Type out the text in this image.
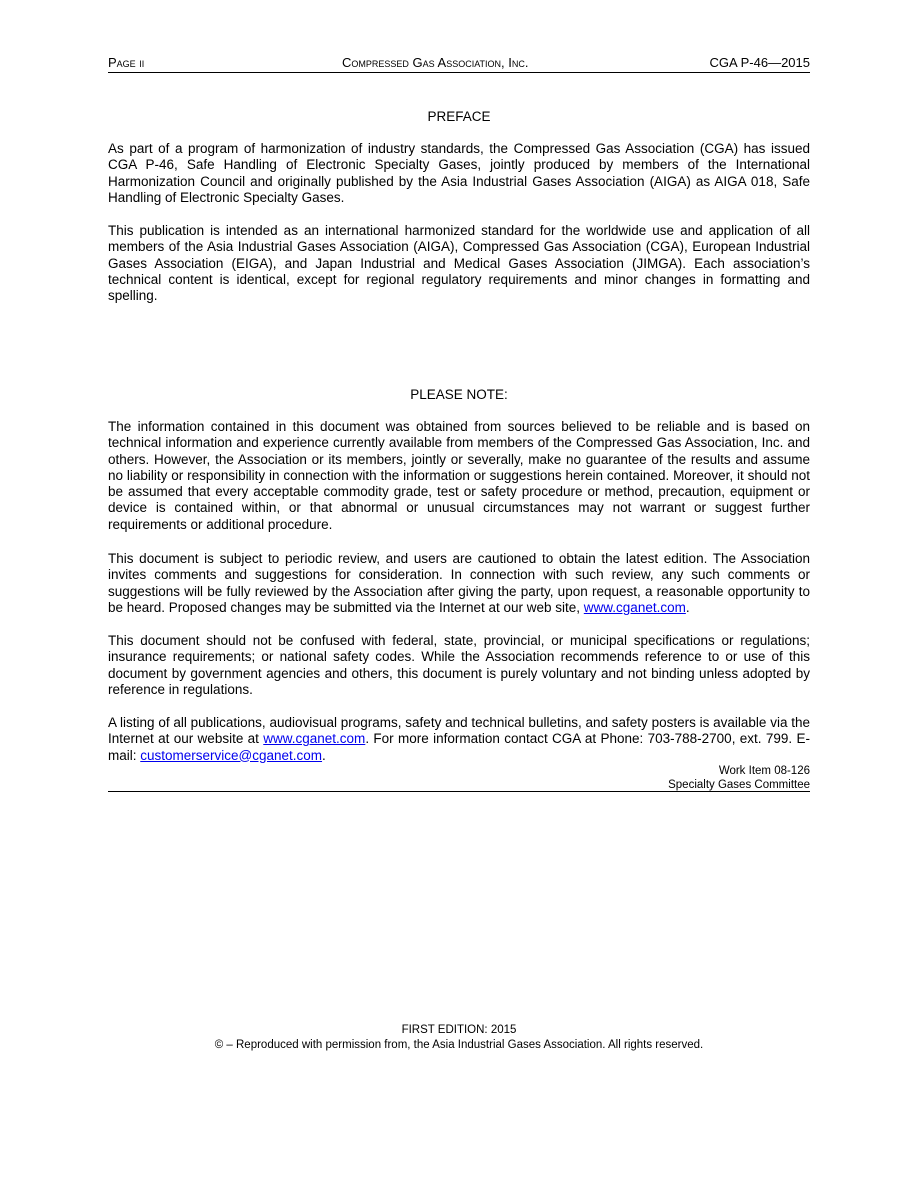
Page ii	Compressed Gas Association, Inc.	CGA P-46—2015
PREFACE

As part of a program of harmonization of industry standards, the Compressed Gas Association (CGA) has issued CGA P-46, Safe Handling of Electronic Specialty Gases, jointly produced by members of the International Harmonization Council and originally published by the Asia Industrial Gases Association (AIGA) as AIGA 018, Safe Handling of Electronic Specialty Gases.

This publication is intended as an international harmonized standard for the worldwide use and application of all members of the Asia Industrial Gases Association (AIGA), Compressed Gas Association (CGA), European Industrial Gases Association (EIGA), and Japan Industrial and Medical Gases Association (JIMGA). Each association’s technical content is identical, except for regional regulatory requirements and minor changes in formatting and spelling.

PLEASE NOTE:

The information contained in this document was obtained from sources believed to be reliable and is based on technical information and experience currently available from members of the Compressed Gas Association, Inc. and others. However, the Association or its members, jointly or severally, make no guarantee of the results and assume no liability or responsibility in connection with the information or suggestions herein contained. Moreover, it should not be assumed that every acceptable commodity grade, test or safety procedure or method, precaution, equipment or device is contained within, or that abnormal or unusual circumstances may not warrant or suggest further requirements or additional procedure.

This document is subject to periodic review, and users are cautioned to obtain the latest edition. The Association invites comments and suggestions for consideration. In connection with such review, any such comments or suggestions will be fully reviewed by the Association after giving the party, upon request, a reasonable opportunity to be heard. Proposed changes may be submitted via the Internet at our web site, www.cganet.com.

This document should not be confused with federal, state, provincial, or municipal specifications or regulations; insurance requirements; or national safety codes. While the Association recommends reference to or use of this document by government agencies and others, this document is purely voluntary and not binding unless adopted by reference in regulations.

A listing of all publications, audiovisual programs, safety and technical bulletins, and safety posters is available via the Internet at our website at www.cganet.com. For more information contact CGA at Phone: 703-788-2700, ext. 799. E-mail: customerservice@cganet.com.

Work Item 08-126
Specialty Gases Committee
FIRST EDITION: 2015
© – Reproduced with permission from, the Asia Industrial Gases Association. All rights reserved.
